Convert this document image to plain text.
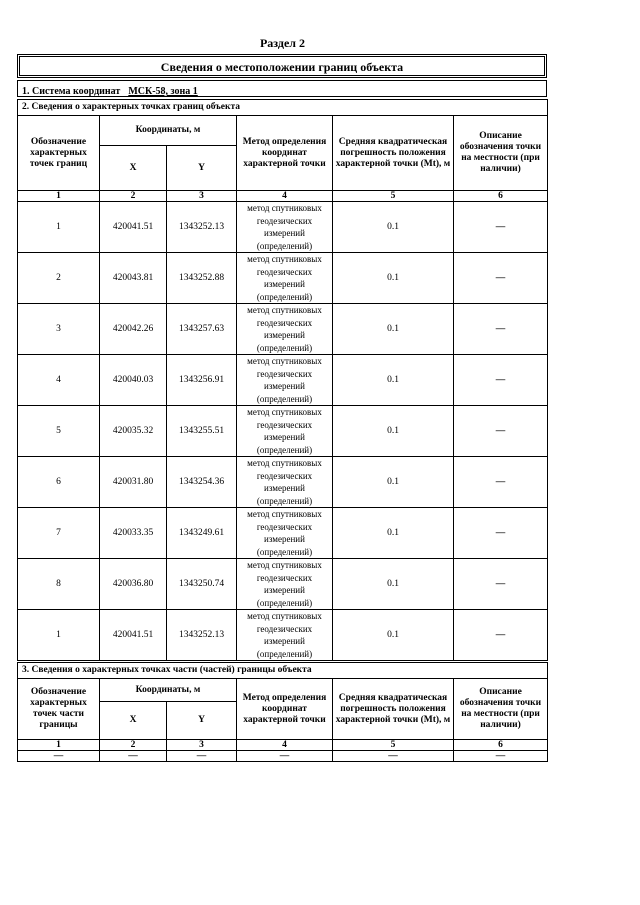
Раздел 2
Сведения о местоположении границ объекта
1. Система координат МСК-58, зона 1
2. Сведения о характерных точках границ объекта					
Обозначение характерных точек границ	Координаты, м		Метод определения координат характерной точки	Средняя квадратическая погрешность положения характерной точки (Mt), м	Описание обозначения точки на местности (при наличии)
	X	Y			
1	2	3	4	5	6
1	420041.51	1343252.13	метод спутниковых геодезических измерений (определений)	0.1	—
2	420043.81	1343252.88	метод спутниковых геодезических измерений (определений)	0.1	—
3	420042.26	1343257.63	метод спутниковых геодезических измерений (определений)	0.1	—
4	420040.03	1343256.91	метод спутниковых геодезических измерений (определений)	0.1	—
5	420035.32	1343255.51	метод спутниковых геодезических измерений (определений)	0.1	—
6	420031.80	1343254.36	метод спутниковых геодезических измерений (определений)	0.1	—
7	420033.35	1343249.61	метод спутниковых геодезических измерений (определений)	0.1	—
8	420036.80	1343250.74	метод спутниковых геодезических измерений (определений)	0.1	—
1	420041.51	1343252.13	метод спутниковых геодезических измерений (определений)	0.1	—
3. Сведения о характерных точках части (частей) границы объекта					
Обозначение характерных точек части границы	Координаты, м		Метод определения координат характерной точки	Средняя квадратическая погрешность положения характерной точки (Mt), м	Описание обозначения точки на местности (при наличии)
	X	Y			
1	2	3	4	5	6
—	—	—	—	—	—
